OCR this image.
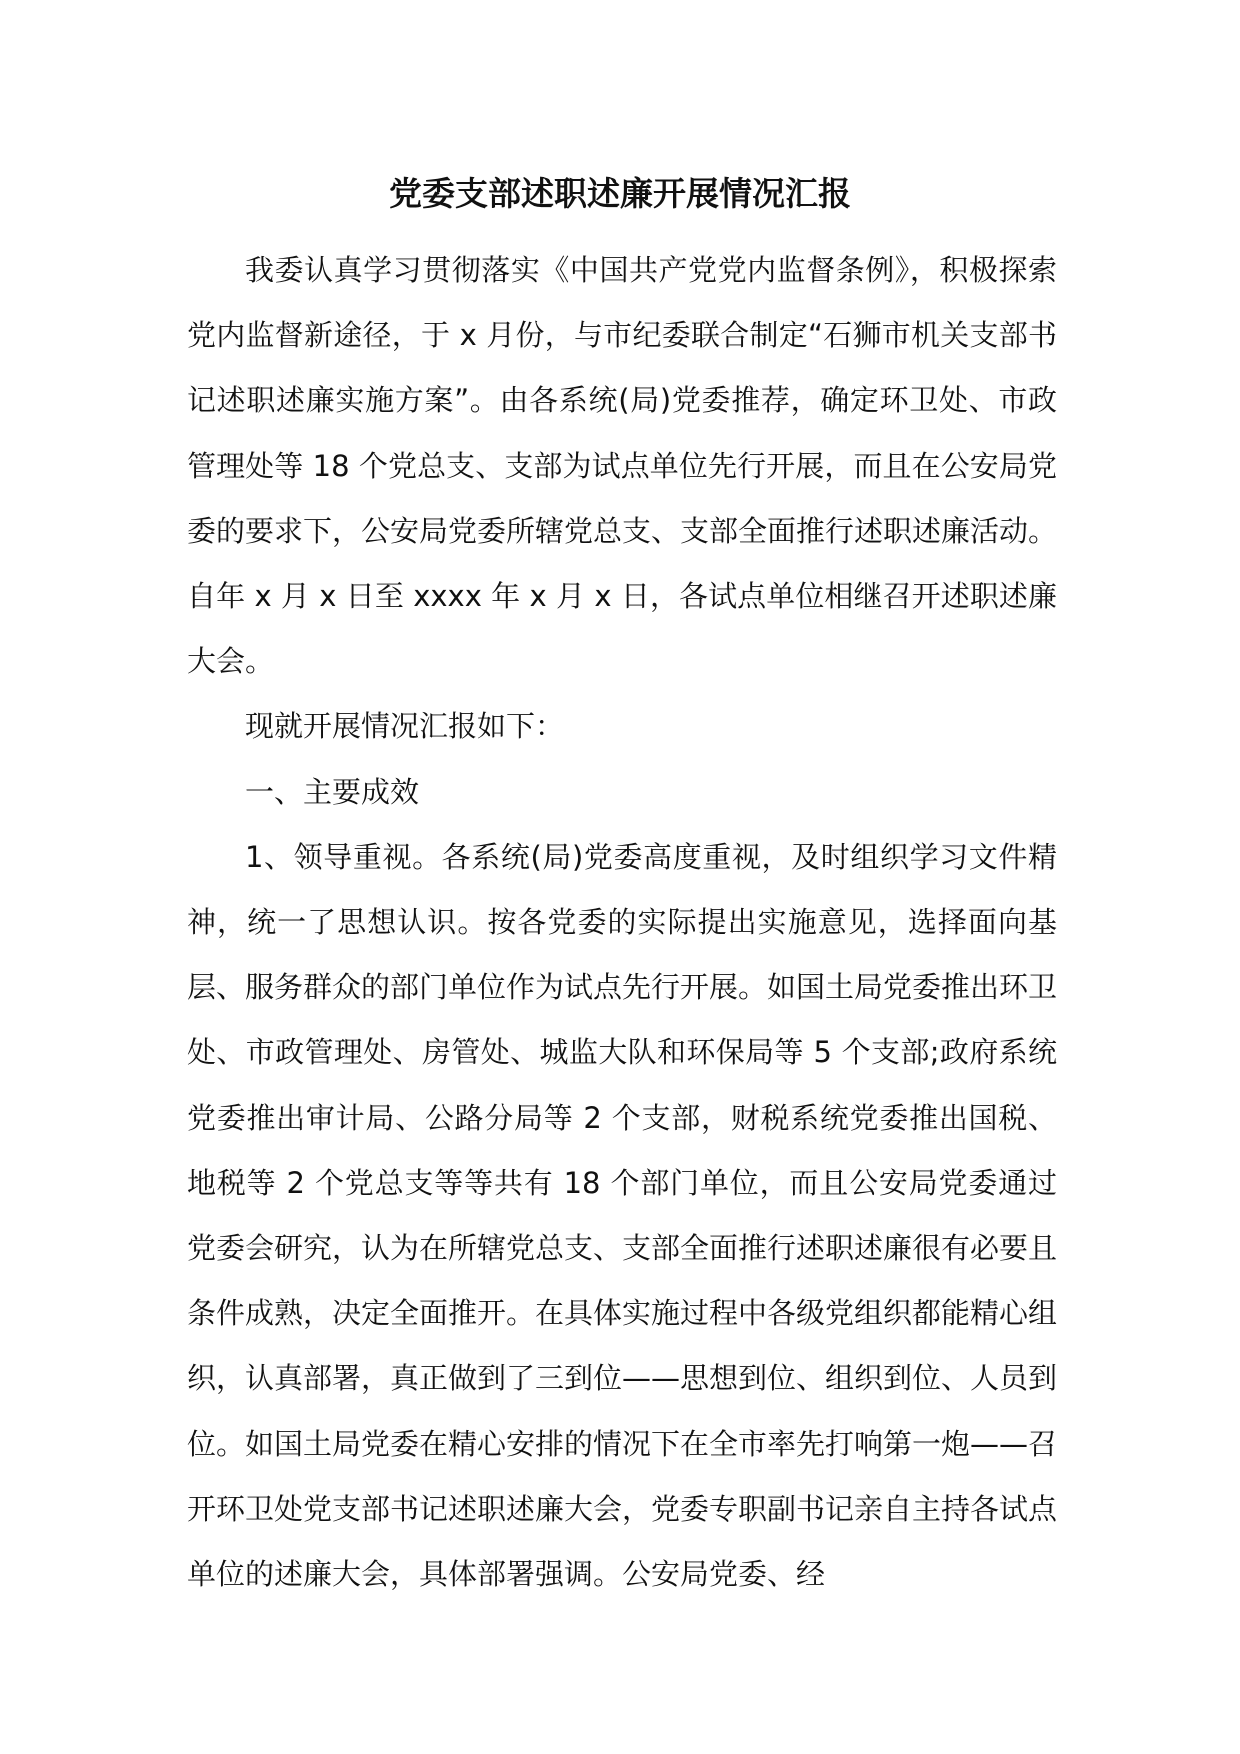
党委支部述职述廉开展情况汇报

我委认真学习贯彻落实《中国共产党党内监督条例》，积极探索党内监督新途径，于 x 月份，与市纪委联合制定“石狮市机关支部书记述职述廉实施方案”。由各系统(局)党委推荐，确定环卫处、市政管理处等 18 个党总支、支部为试点单位先行开展，而且在公安局党委的要求下，公安局党委所辖党总支、支部全面推行述职述廉活动。自年 x 月 x 日至 xxxx 年 x 月 x 日，各试点单位相继召开述职述廉大会。

现就开展情况汇报如下：

一、主要成效

1、领导重视。各系统(局)党委高度重视，及时组织学习文件精神，统一了思想认识。按各党委的实际提出实施意见，选择面向基层、服务群众的部门单位作为试点先行开展。如国土局党委推出环卫处、市政管理处、房管处、城监大队和环保局等 5 个支部;政府系统党委推出审计局、公路分局等 2 个支部，财税系统党委推出国税、地税等 2 个党总支等等共有 18 个部门单位，而且公安局党委通过党委会研究，认为在所辖党总支、支部全面推行述职述廉很有必要且条件成熟，决定全面推开。在具体实施过程中各级党组织都能精心组织，认真部署，真正做到了三到位——思想到位、组织到位、人员到位。如国土局党委在精心安排的情况下在全市率先打响第一炮——召开环卫处党支部书记述职述廉大会，党委专职副书记亲自主持各试点单位的述廉大会，具体部署强调。公安局党委、经
